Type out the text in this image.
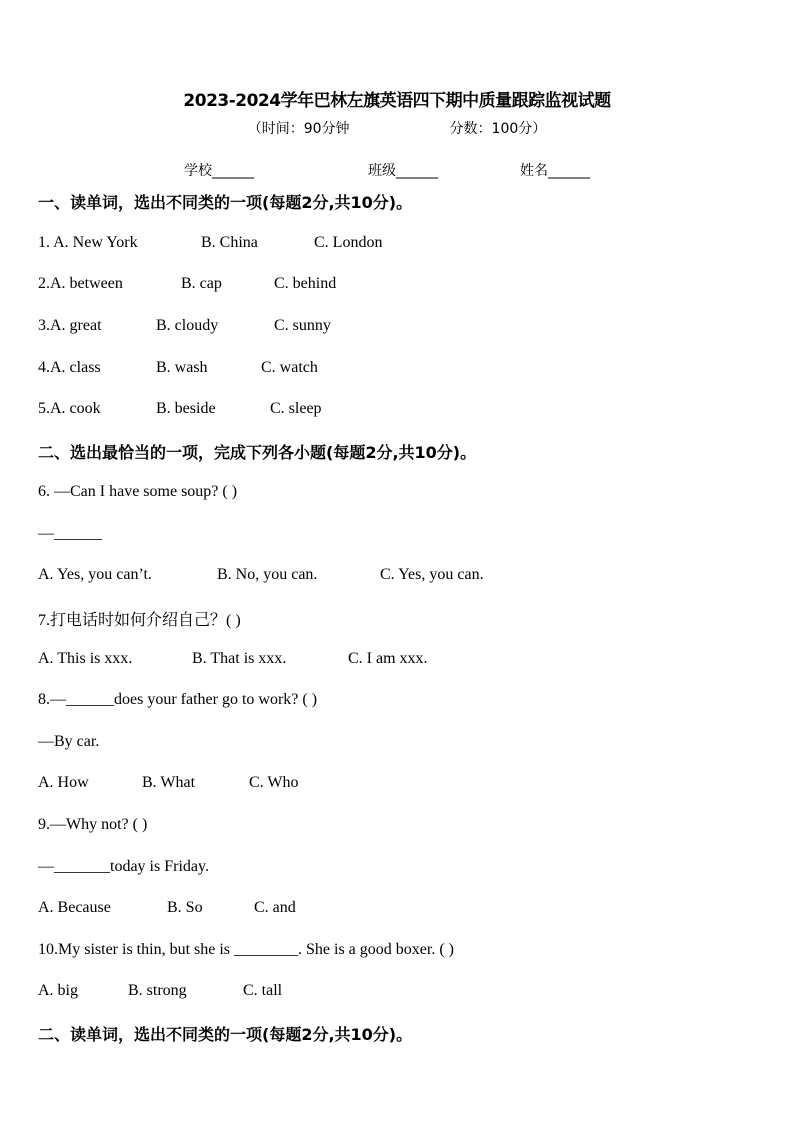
2023-2024学年巴林左旗英语四下期中质量跟踪监视试题
（时间：90分钟	分数：100分）
学校______	班级______	姓名______
一、读单词，选出不同类的一项(每题2分,共10分)。
1. A. New York	B. China	C. London
2.A. between	B. cap	C. behind
3.A. great	B. cloudy	C. sunny
4.A. class	B. wash	C. watch
5.A. cook	B. beside	C. sleep
二、选出最恰当的一项，完成下列各小题(每题2分,共10分)。
6. —Can I have some soup? ( )
—______
A. Yes, you can’t.	B. No, you can.	C. Yes, you can.
7.打电话时如何介绍自己？( )
A. This is xxx.	B. That is xxx.	C. I am xxx.
8.—______does your father go to work? ( )
—By car.
A. How	B. What	C. Who
9.—Why not? ( )
—_______today is Friday.
A. Because	B. So	C. and
10.My sister is thin, but she is ________. She is a good boxer. ( )
A. big	B. strong	C. tall
二、读单词，选出不同类的一项(每题2分,共10分)。
